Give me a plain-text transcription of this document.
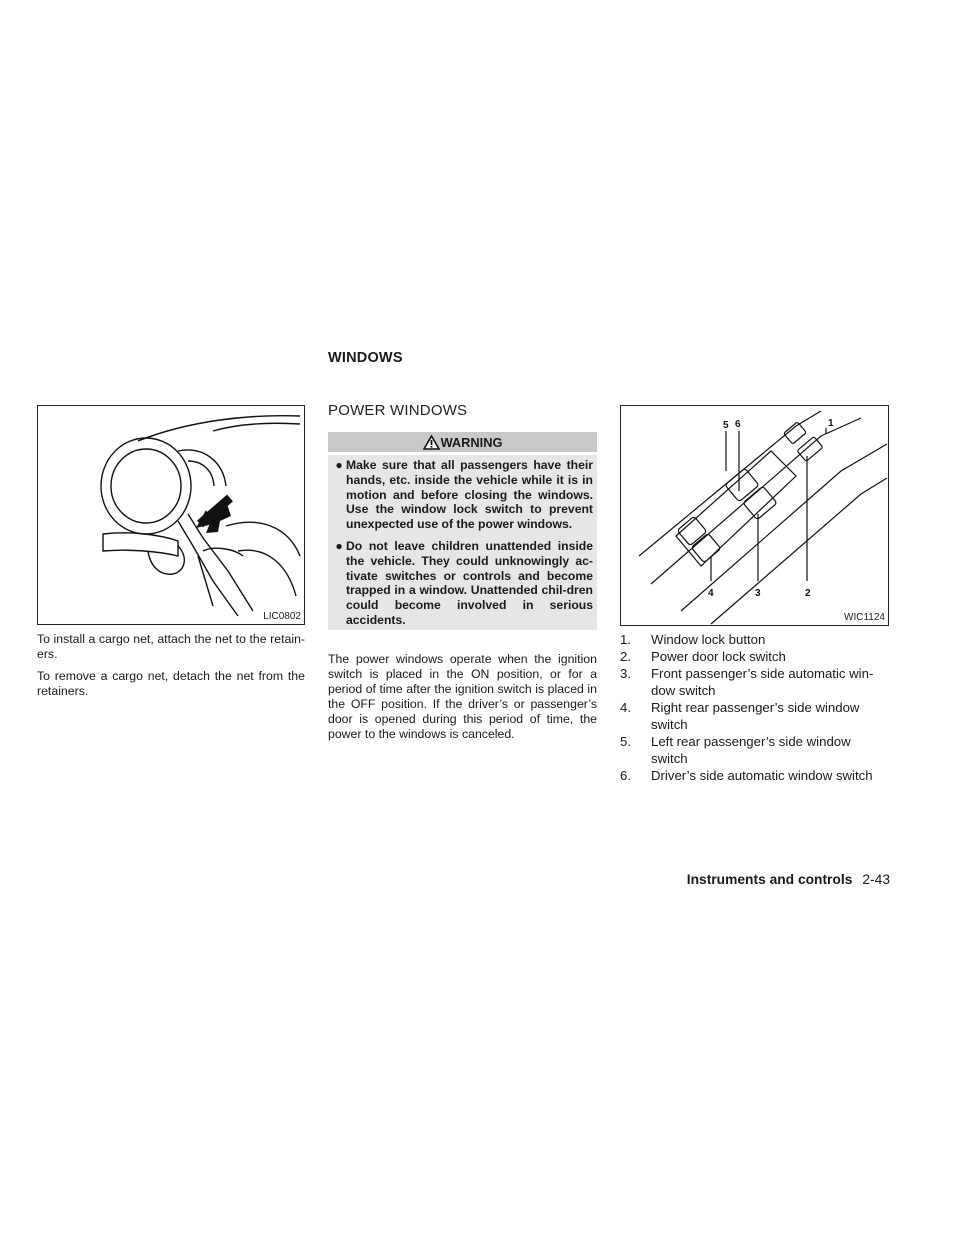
WINDOWS
LIC0802

To install a cargo net, attach the net to the retain-ers.

To remove a cargo net, detach the net from the retainers.

POWER WINDOWS
WARNING
● Make sure that all passengers have their hands, etc. inside the vehicle while it is in motion and before closing the windows. Use the window lock switch to prevent unexpected use of the power windows.
● Do not leave children unattended inside the vehicle. They could unknowingly ac-tivate switches or controls and become trapped in a window. Unattended chil-dren could become involved in serious accidents.

The power windows operate when the ignition switch is placed in the ON position, or for a period of time after the ignition switch is placed in the OFF position. If the driver’s or passenger’s door is opened during this period of time, the power to the windows is canceled.

1
2
3
4
5 6
WIC1124
1.	Window lock button
2.	Power door lock switch
3.	Front passenger’s side automatic win-dow switch
4.	Right rear passenger’s side window switch
5.	Left rear passenger’s side window switch
6.	Driver’s side automatic window switch
Instruments and controls 2-43
